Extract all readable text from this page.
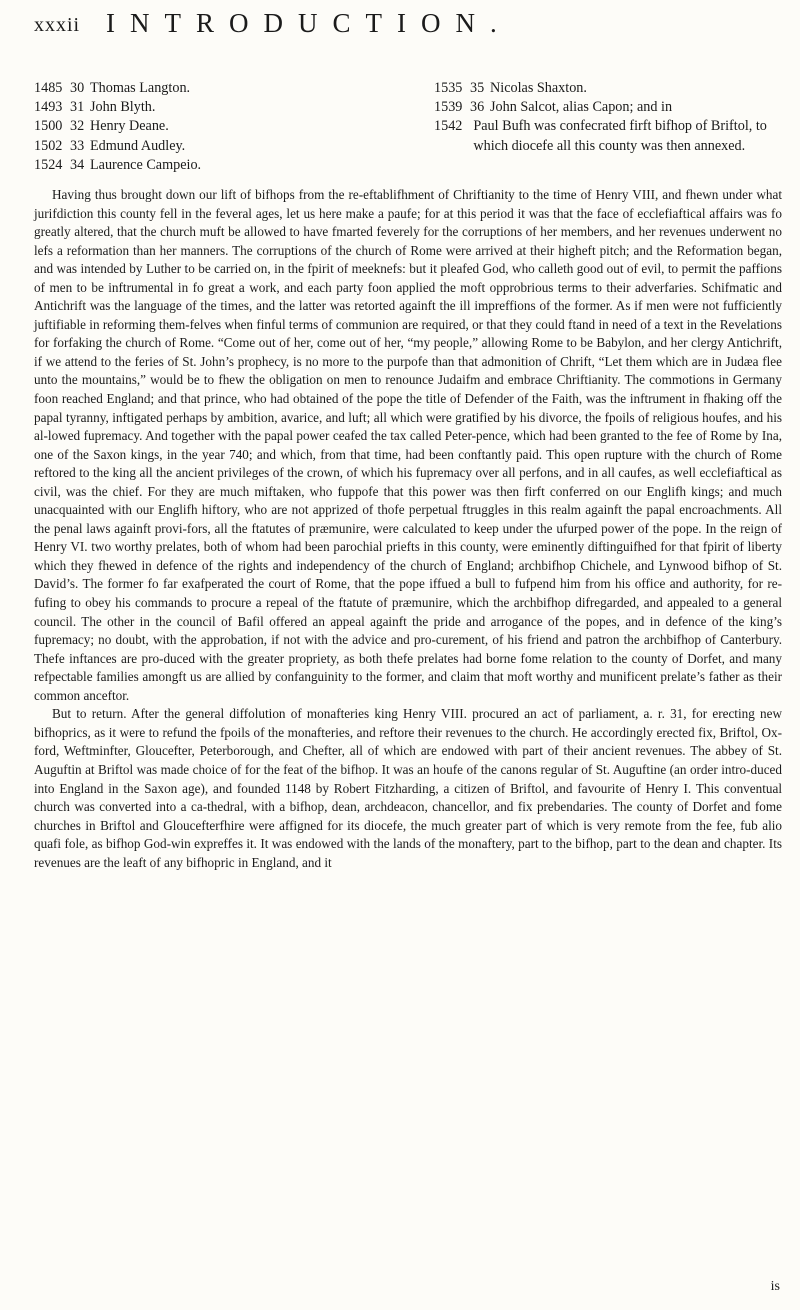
xxxii INTRODUCTION.
1485 30 Thomas Langton.
1493 31 John Blyth.
1500 32 Henry Deane.
1502 33 Edmund Audley.
1524 34 Laurence Campeio.
1535 35 Nicolas Shaxton.
1539 36 John Salcot, alias Capon; and in
1542 Paul Bufh was confecrated firft bifhop of Briftol, to which diocefe all this county was then annexed.

Having thus brought down our lift of bifhops from the re-eftablifhment of Chriftianity to the time of Henry VIII, and fhewn under what jurifdiction this county fell in the feveral ages, let us here make a paufe; for at this period it was that the face of ecclefiaftical affairs was fo greatly altered, that the church muft be allowed to have fmarted feverely for the corruptions of her members, and her revenues underwent no lefs a reformation than her manners. The corruptions of the church of Rome were arrived at their higheft pitch; and the Reformation began, and was intended by Luther to be carried on, in the fpirit of meeknefs: but it pleafed God, who calleth good out of evil, to permit the paffions of men to be inftrumental in fo great a work, and each party foon applied the moft opprobrious terms to their adverfaries. Schifmatic and Antichrift was the language of the times, and the latter was retorted againft the ill impreffions of the former. As if men were not fufficiently juftifiable in reforming them-felves when finful terms of communion are required, or that they could ftand in need of a text in the Revelations for forfaking the church of Rome. “Come out of her, come out of her, “my people,” allowing Rome to be Babylon, and her clergy Antichrift, if we attend to the feries of St. John’s prophecy, is no more to the purpofe than that admonition of Chrift, “Let them which are in Judæa flee unto the mountains,” would be to fhew the obligation on men to renounce Judaifm and embrace Chriftianity. The commotions in Germany foon reached England; and that prince, who had obtained of the pope the title of Defender of the Faith, was the inftrument in fhaking off the papal tyranny, inftigated perhaps by ambition, avarice, and luft; all which were gratified by his divorce, the fpoils of religious houfes, and his al-lowed fupremacy. And together with the papal power ceafed the tax called Peter-pence, which had been granted to the fee of Rome by Ina, one of the Saxon kings, in the year 740; and which, from that time, had been conftantly paid. This open rupture with the church of Rome reftored to the king all the ancient privileges of the crown, of which his fupremacy over all perfons, and in all caufes, as well ecclefiaftical as civil, was the chief. For they are much miftaken, who fuppofe that this power was then firft conferred on our Englifh kings; and much unacquainted with our Englifh hiftory, who are not apprized of thofe perpetual ftruggles in this realm againft the papal encroachments. All the penal laws againft provi-fors, all the ftatutes of præmunire, were calculated to keep under the ufurped power of the pope. In the reign of Henry VI. two worthy prelates, both of whom had been parochial priefts in this county, were eminently diftinguifhed for that fpirit of liberty which they fhewed in defence of the rights and independency of the church of England; archbifhop Chichele, and Lynwood bifhop of St. David’s. The former fo far exafperated the court of Rome, that the pope iffued a bull to fufpend him from his office and authority, for re-fufing to obey his commands to procure a repeal of the ftatute of præmunire, which the archbifhop difregarded, and appealed to a general council. The other in the council of Bafil offered an appeal againft the pride and arrogance of the popes, and in defence of the king’s fupremacy; no doubt, with the approbation, if not with the advice and pro-curement, of his friend and patron the archbifhop of Canterbury. Thefe inftances are pro-duced with the greater propriety, as both thefe prelates had borne fome relation to the county of Dorfet, and many refpectable families amongft us are allied by confanguinity to the former, and claim that moft worthy and munificent prelate’s father as their common anceftor.

But to return. After the general diffolution of monafteries king Henry VIII. procured an act of parliament, a. r. 31, for erecting new bifhoprics, as it were to refund the fpoils of the monafteries, and reftore their revenues to the church. He accordingly erected fix, Briftol, Ox-ford, Weftminfter, Gloucefter, Peterborough, and Chefter, all of which are endowed with part of their ancient revenues. The abbey of St. Auguftin at Briftol was made choice of for the feat of the bifhop. It was an houfe of the canons regular of St. Auguftine (an order intro-duced into England in the Saxon age), and founded 1148 by Robert Fitzharding, a citizen of Briftol, and favourite of Henry I. This conventual church was converted into a ca-thedral, with a bifhop, dean, archdeacon, chancellor, and fix prebendaries. The county of Dorfet and fome churches in Briftol and Gloucefterfhire were affigned for its diocefe, the much greater part of which is very remote from the fee, fub alio quafi fole, as bifhop God-win expreffes it. It was endowed with the lands of the monaftery, part to the bifhop, part to the dean and chapter. Its revenues are the leaft of any bifhopric in England, and it

is
